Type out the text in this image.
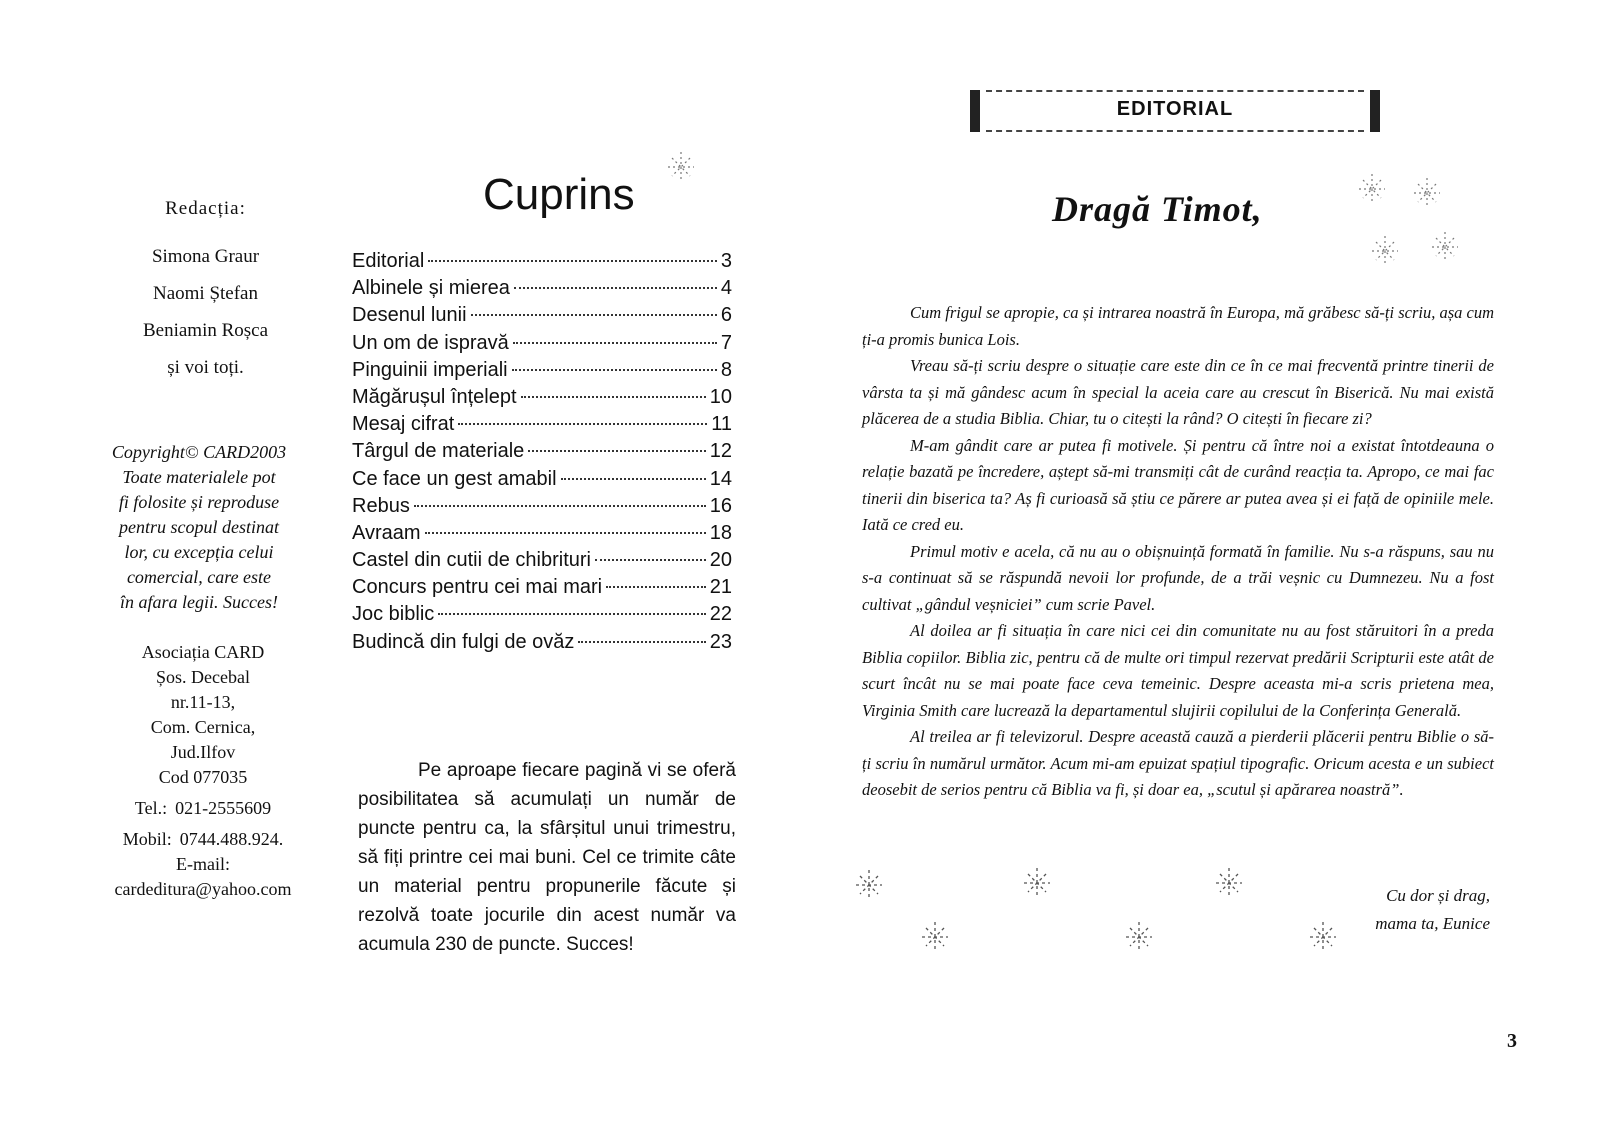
Redacția:

Simona Graur

Naomi Ștefan

Beniamin Roșca

și voi toți.

Copyright© CARD2003

Toate materialele pot

fi folosite și reproduse

pentru scopul destinat

lor, cu excepția celui

comercial, care este

în afara legii. Succes!

Asociația CARD

Șos. Decebal

nr.11-13,

Com. Cernica,

Jud.Ilfov

Cod 077035

Tel.: 021-2555609

Mobil: 0744.488.924.

E-mail:

cardeditura@yahoo.com

Cuprins
Editorial	3
Albinele și mierea	4
Desenul lunii	6
Un om de ispravă	7
Pinguinii imperiali	8
Măgărușul înțelept	10
Mesaj cifrat	11
Târgul de materiale	12
Ce face un gest amabil	14
Rebus	16
Avraam	18
Castel din cutii de chibrituri	20
Concurs pentru cei mai mari	21
Joc biblic	22
Budincă din fulgi de ovăz	23

Pe aproape fiecare pagină vi se oferă posibilitatea să acumulați un număr de puncte pentru ca, la sfârșitul unui trimestru, să fiți printre cei mai buni. Cel ce trimite câte un material pentru propunerile făcute și rezolvă toate jocurile din acest număr va acumula 230 de puncte. Succes!

EDITORIAL
Dragă Timot,

Cum frigul se apropie, ca și intrarea noastră în Europa, mă grăbesc să-ți scriu, așa cum ți-a promis bunica Lois.

Vreau să-ți scriu despre o situație care este din ce în ce mai frecventă printre tinerii de vârsta ta și mă gândesc acum în special la aceia care au crescut în Biserică. Nu mai există plăcerea de a studia Biblia. Chiar, tu o citești la rând? O citești în fiecare zi?

M-am gândit care ar putea fi motivele. Și pentru că între noi a existat întotdeauna o relație bazată pe încredere, aștept să-mi transmiți cât de curând reacția ta. Apropo, ce mai fac tinerii din biserica ta? Aș fi curioasă să știu ce părere ar putea avea și ei față de opiniile mele. Iată ce cred eu.

Primul motiv e acela, că nu au o obișnuință formată în familie. Nu s-a răspuns, sau nu s-a continuat să se răspundă nevoii lor profunde, de a trăi veșnic cu Dumnezeu. Nu a fost cultivat „gândul veșniciei” cum scrie Pavel.

Al doilea ar fi situația în care nici cei din comunitate nu au fost stăruitori în a preda Biblia copiilor. Biblia zic, pentru că de multe ori timpul rezervat predării Scripturii este atât de scurt încât nu se mai poate face ceva temeinic. Despre aceasta mi-a scris prietena mea, Virginia Smith care lucrează la departamentul slujirii copilului de la Conferința Generală.

Al treilea ar fi televizorul. Despre această cauză a pierderii plăcerii pentru Biblie o să-ți scriu în numărul următor. Acum mi-am epuizat spațiul tipografic. Oricum acesta e un subiect deosebit de serios pentru că Biblia va fi, și doar ea, „scutul și apărarea noastră”.

Cu dor și drag,

mama ta, Eunice

3
